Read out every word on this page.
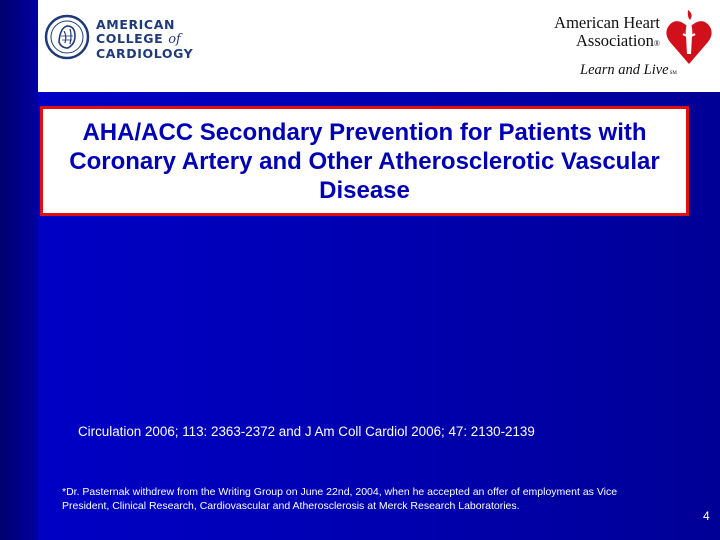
AMERICAN
COLLEGE of
CARDIOLOGY
American Heart
Association®
Learn and LiveSM
AHA/ACC Secondary Prevention for Patients with Coronary Artery and Other Atherosclerotic Vascular Disease
Circulation 2006; 113: 2363-2372 and J Am Coll Cardiol 2006; 47: 2130-2139
*Dr. Pasternak withdrew from the Writing Group on June 22nd, 2004, when he accepted an offer of employment as Vice President, Clinical Research, Cardiovascular and Atherosclerosis at Merck Research Laboratories.
4
